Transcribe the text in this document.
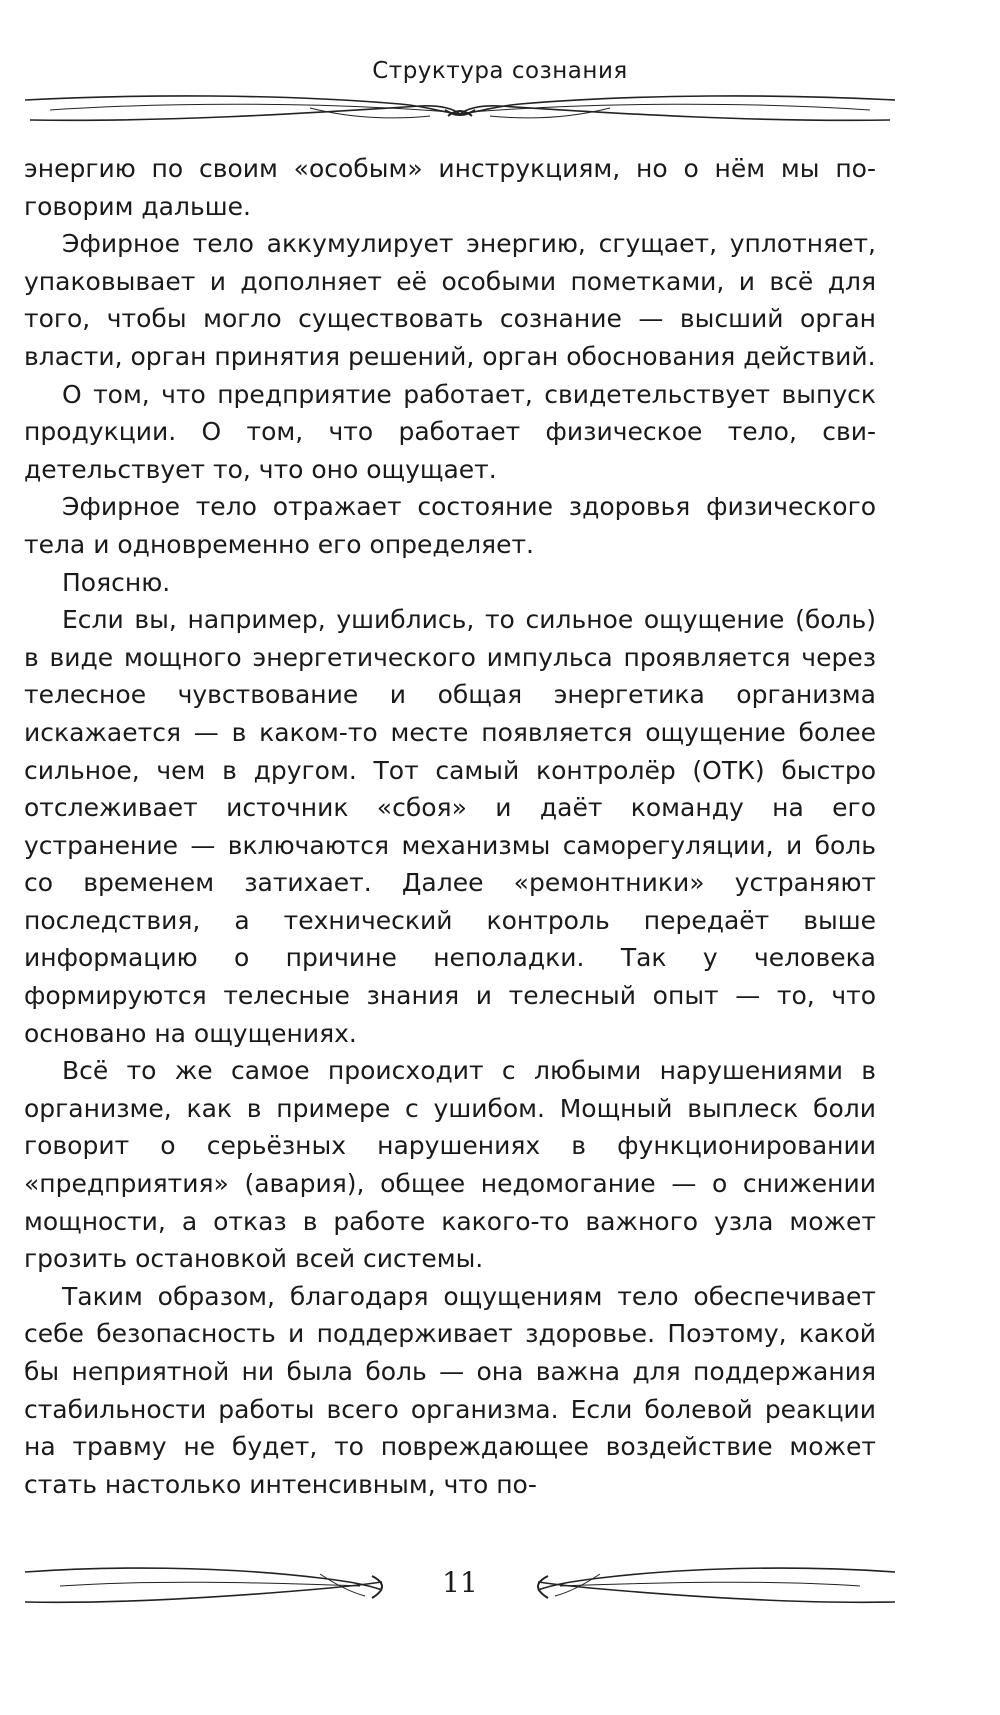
Структура сознания

энергию по своим «особым» инструкциям, но о нём мы поговорим дальше.

Эфирное тело аккумулирует энергию, сгущает, уплотняет, упаковывает и дополняет её особыми пометками, и всё для того, чтобы могло существовать сознание — высший орган власти, орган принятия решений, орган обоснования действий.

О том, что предприятие работает, свидетельствует выпуск продукции. О том, что работает физическое тело, свидетельствует то, что оно ощущает.

Эфирное тело отражает состояние здоровья физического тела и одновременно его определяет.

Поясню.

Если вы, например, ушиблись, то сильное ощущение (боль) в виде мощного энергетического импульса проявляется через телесное чувствование и общая энергетика организма искажается — в каком-то месте появляется ощущение более сильное, чем в другом. Тот самый контролёр (ОТК) быстро отслеживает источник «сбоя» и даёт команду на его устранение — включаются механизмы саморегуляции, и боль со временем затихает. Далее «ремонтники» устраняют последствия, а технический контроль передаёт выше информацию о причине неполадки. Так у человека формируются телесные знания и телесный опыт — то, что основано на ощущениях.

Всё то же самое происходит с любыми нарушениями в организме, как в примере с ушибом. Мощный выплеск боли говорит о серьёзных нарушениях в функционировании «предприятия» (авария), общее недомогание — о снижении мощности, а отказ в работе какого-то важного узла может грозить остановкой всей системы.

Таким образом, благодаря ощущениям тело обеспечивает себе безопасность и поддерживает здоровье. Поэтому, какой бы неприятной ни была боль — она важна для поддержания стабильности работы всего организма. Если болевой реакции на травму не будет, то повреждающее воздействие может стать настолько интенсивным, что по-

11
